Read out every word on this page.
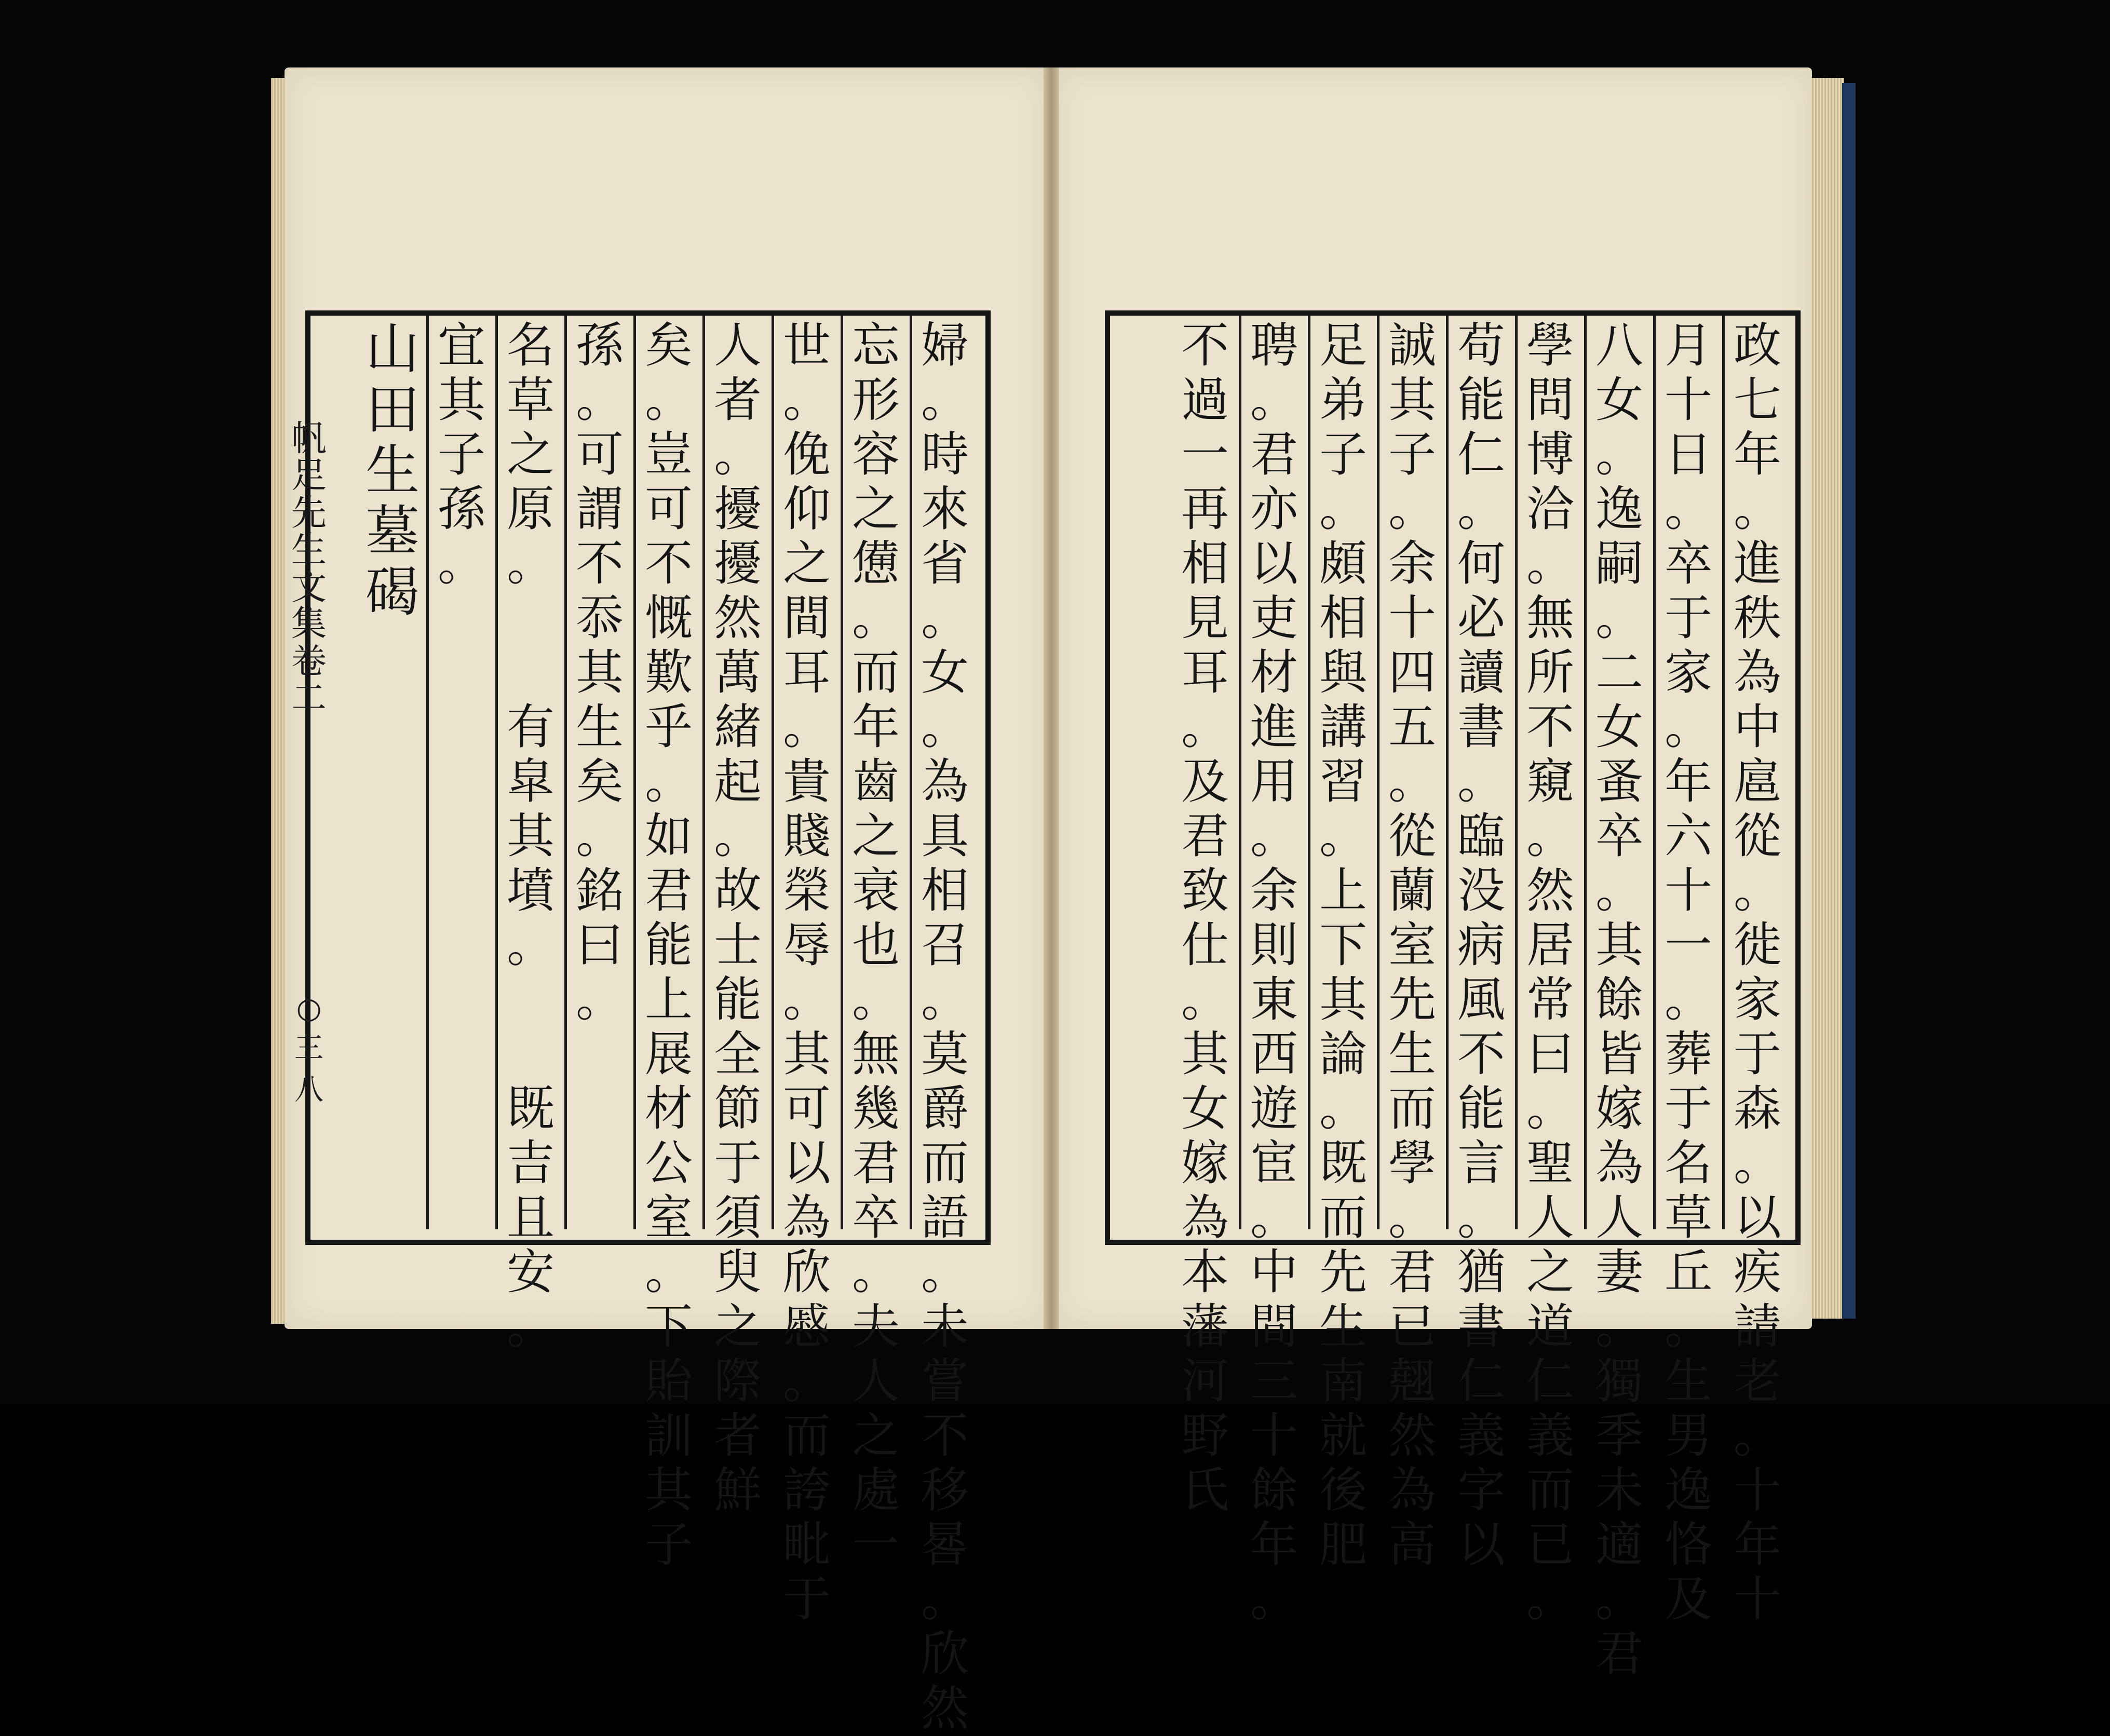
帆
足
先
生
文
集
卷
二
○
三
八
婦
。
時
來
省
。
女
。
為
具
相
召
。
莫
爵
而
語
。
未
嘗
不
移
晷
。
欣
然
忘
形
容
之
憊
。
而
年
齒
之
衰
也
。
無
幾
君
卒
。
夫
人
之
處
一
世
。
俛
仰
之
間
耳
。
貴
賤
榮
辱
。
其
可
以
為
欣
慼
。
而
誇
毗
于
人
者
。
擾
擾
然
萬
緒
起
。
故
士
能
全
節
于
須
臾
之
際
者
鮮
矣
。
豈
可
不
慨
歎
乎
。
如
君
能
上
展
材
公
室
。
下
貽
訓
其
子
孫
。
可
謂
不
忝
其
生
矣
。
銘
曰
。
名
草
之
原
。

有
皐
其
墳
。

既
吉
且
安
。
宜
其
子
孫
。
山
田
生
墓
碣
政
七
年
。
進
秩
為
中
扈
從
。
徙
家
于
森
。
以
疾
請
老
。
十
年
十
月
十
日
。
卒
于
家
。
年
六
十
一
。
葬
于
名
草
丘
。
生
男
逸
恪
及
八
女
。
逸
嗣
。
二
女
蚤
卒
。
其
餘
皆
嫁
為
人
妻
。
獨
季
未
適
。
君
學
問
博
洽
。
無
所
不
窺
。
然
居
常
曰
。
聖
人
之
道
仁
義
而
已
。
苟
能
仁
。
何
必
讀
書
。
臨
没
病
風
不
能
言
。
猶
書
仁
義
字
以
誠
其
子
。
余
十
四
五
。
從
蘭
室
先
生
而
學
。
君
已
翹
然
為
高
足
弟
子
。
頗
相
與
講
習
。
上
下
其
論
。
既
而
先
生
南
就
後
肥
聘
。
君
亦
以
吏
材
進
用
。
余
則
東
西
遊
宦
。
中
間
三
十
餘
年
。
不
過
一
再
相
見
耳
。
及
君
致
仕
。
其
女
嫁
為
本
藩
河
野
氏
